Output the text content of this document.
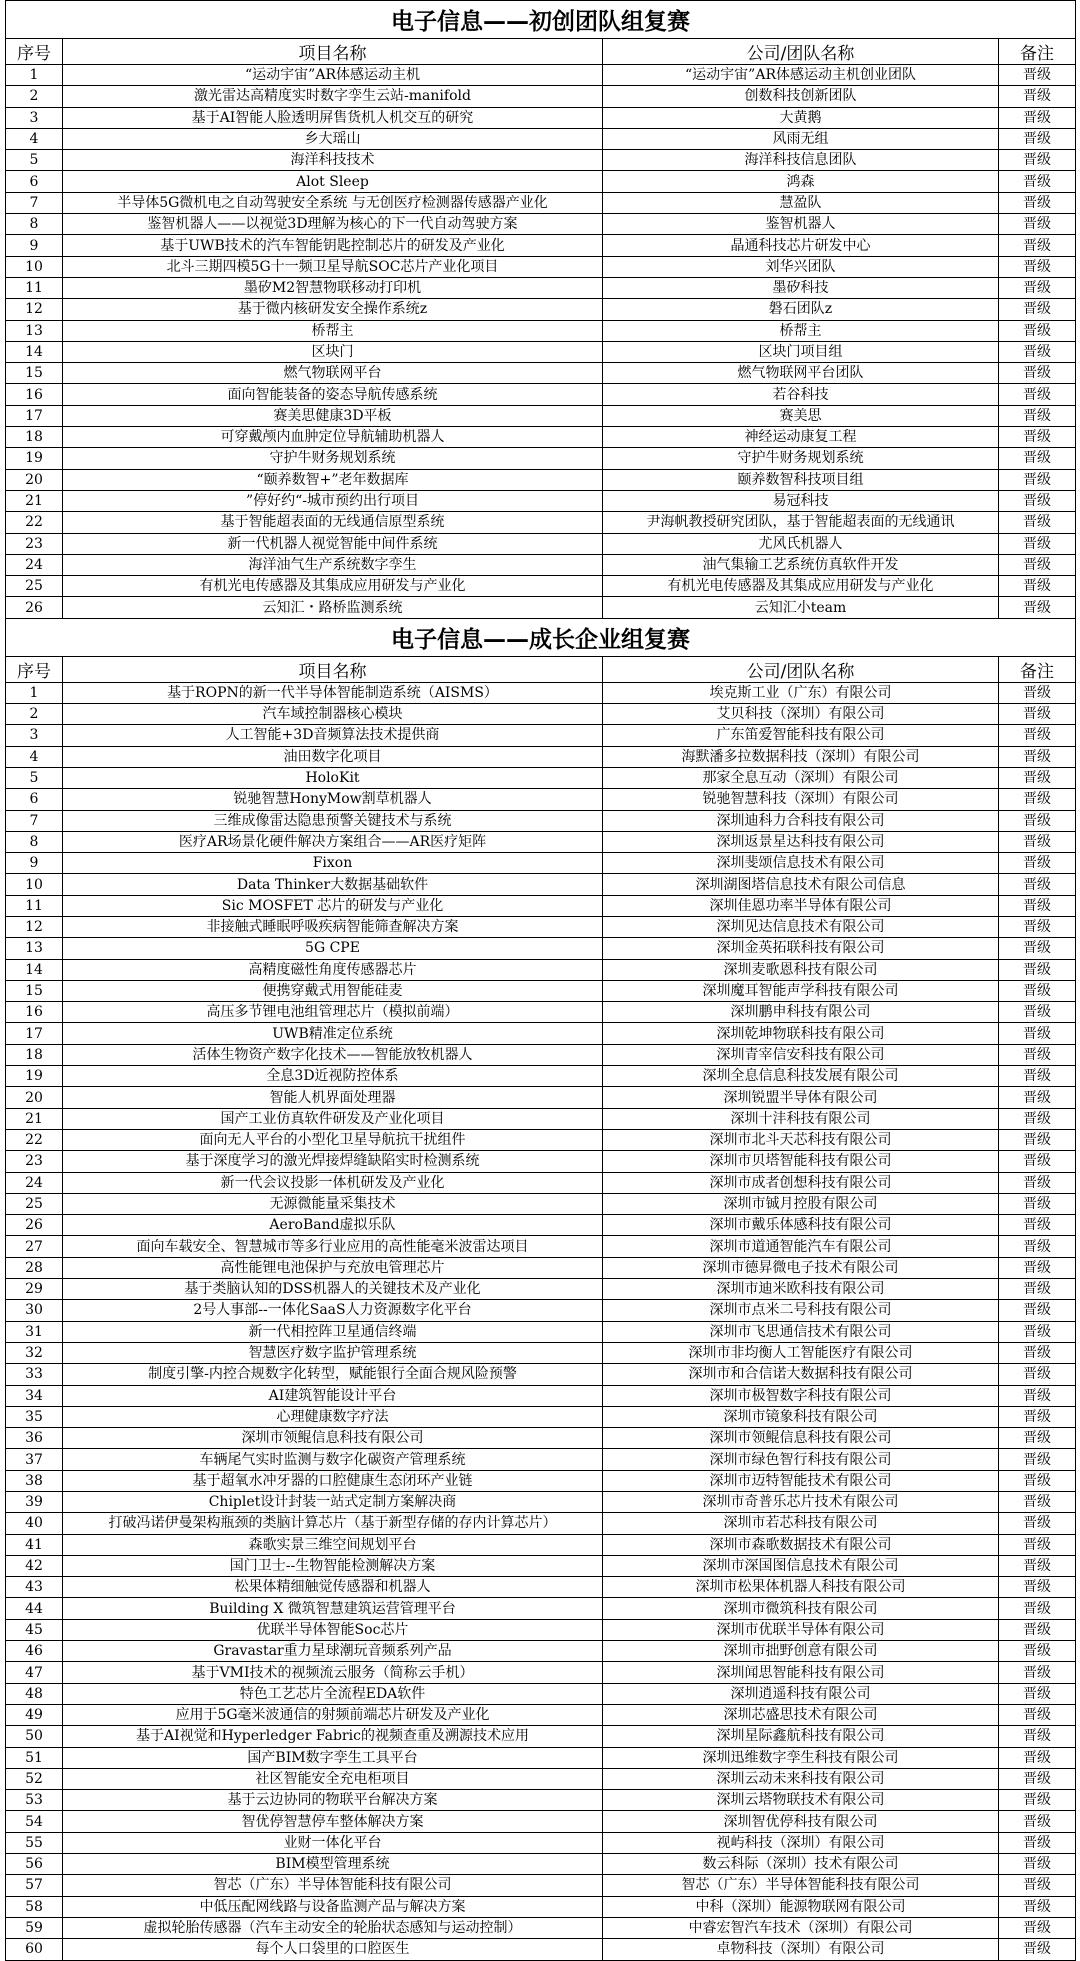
电子信息——初创团队组复赛			
序号	项目名称	公司/团队名称	备注
1	“运动宇宙”AR体感运动主机	“运动宇宙”AR体感运动主机创业团队	晋级
2	激光雷达高精度实时数字孪生云站-manifold	创数科技创新团队	晋级
3	基于AI智能人脸透明屏售货机人机交互的研究	大黄鹅	晋级
4	乡大瑶山	风雨无组	晋级
5	海洋科技技术	海洋科技信息团队	晋级
6	Alot Sleep	鸿森	晋级
7	半导体5G微机电之自动驾驶安全系统 与无创医疗检测器传感器产业化	慧盈队	晋级
8	鉴智机器人——以视觉3D理解为核心的下一代自动驾驶方案	鉴智机器人	晋级
9	基于UWB技术的汽车智能钥匙控制芯片的研发及产业化	晶通科技芯片研发中心	晋级
10	北斗三期四模5G十一频卫星导航SOC芯片产业化项目	刘华兴团队	晋级
11	墨矽M2智慧物联移动打印机	墨矽科技	晋级
12	基于微内核研发安全操作系统z	磐石团队z	晋级
13	桥帮主	桥帮主	晋级
14	区块门	区块门项目组	晋级
15	燃气物联网平台	燃气物联网平台团队	晋级
16	面向智能装备的姿态导航传感系统	若谷科技	晋级
17	赛美思健康3D平板	赛美思	晋级
18	可穿戴颅内血肿定位导航辅助机器人	神经运动康复工程	晋级
19	守护牛财务规划系统	守护牛财务规划系统	晋级
20	“颐养数智+”老年数据库	颐养数智科技项目组	晋级
21	”停好约“-城市预约出行项目	易冠科技	晋级
22	基于智能超表面的无线通信原型系统	尹海帆教授研究团队，基于智能超表面的无线通讯	晋级
23	新一代机器人视觉智能中间件系统	尤风氏机器人	晋级
24	海洋油气生产系统数字孪生	油气集输工艺系统仿真软件开发	晋级
25	有机光电传感器及其集成应用研发与产业化	有机光电传感器及其集成应用研发与产业化	晋级
26	云知汇・路桥监测系统	云知汇小team	晋级
电子信息——成长企业组复赛			
序号	项目名称	公司/团队名称	备注
1	基于ROPN的新一代半导体智能制造系统（AISMS）	埃克斯工业（广东）有限公司	晋级
2	汽车域控制器核心模块	艾贝科技（深圳）有限公司	晋级
3	人工智能+3D音频算法技术提供商	广东笛爱智能科技有限公司	晋级
4	油田数字化项目	海默潘多拉数据科技（深圳）有限公司	晋级
5	HoloKit	那家全息互动（深圳）有限公司	晋级
6	锐驰智慧HonyMow割草机器人	锐驰智慧科技（深圳）有限公司	晋级
7	三维成像雷达隐患预警关键技术与系统	深圳迪科力合科技有限公司	晋级
8	医疗AR场景化硬件解决方案组合——AR医疗矩阵	深圳返景星达科技有限公司	晋级
9	Fixon	深圳斐颂信息技术有限公司	晋级
10	Data Thinker大数据基础软件	深圳湖图塔信息技术有限公司信息	晋级
11	Sic MOSFET 芯片的研发与产业化	深圳佳恩功率半导体有限公司	晋级
12	非接触式睡眠呼吸疾病智能筛查解决方案	深圳见达信息技术有限公司	晋级
13	5G CPE	深圳金英拓联科技有限公司	晋级
14	高精度磁性角度传感器芯片	深圳麦歌恩科技有限公司	晋级
15	便携穿戴式用智能硅麦	深圳魔耳智能声学科技有限公司	晋级
16	高压多节锂电池组管理芯片（模拟前端）	深圳鹏申科技有限公司	晋级
17	UWB精准定位系统	深圳乾坤物联科技有限公司	晋级
18	活体生物资产数字化技术——智能放牧机器人	深圳青宰信安科技有限公司	晋级
19	全息3D近视防控体系	深圳全息信息科技发展有限公司	晋级
20	智能人机界面处理器	深圳锐盟半导体有限公司	晋级
21	国产工业仿真软件研发及产业化项目	深圳十沣科技有限公司	晋级
22	面向无人平台的小型化卫星导航抗干扰组件	深圳市北斗天芯科技有限公司	晋级
23	基于深度学习的激光焊接焊缝缺陷实时检测系统	深圳市贝塔智能科技有限公司	晋级
24	新一代会议投影一体机研发及产业化	深圳市成者创想科技有限公司	晋级
25	无源微能量采集技术	深圳市铖月控股有限公司	晋级
26	AeroBand虚拟乐队	深圳市戴乐体感科技有限公司	晋级
27	面向车载安全、智慧城市等多行业应用的高性能毫米波雷达项目	深圳市道通智能汽车有限公司	晋级
28	高性能锂电池保护与充放电管理芯片	深圳市德昇微电子技术有限公司	晋级
29	基于类脑认知的DSS机器人的关键技术及产业化	深圳市迪米欧科技有限公司	晋级
30	2号人事部--一体化SaaS人力资源数字化平台	深圳市点米二号科技有限公司	晋级
31	新一代相控阵卫星通信终端	深圳市飞思通信技术有限公司	晋级
32	智慧医疗数字监护管理系统	深圳市非均衡人工智能医疗有限公司	晋级
33	制度引擎-内控合规数字化转型，赋能银行全面合规风险预警	深圳市和合信诺大数据科技有限公司	晋级
34	AI建筑智能设计平台	深圳市极智数字科技有限公司	晋级
35	心理健康数字疗法	深圳市镜象科技有限公司	晋级
36	深圳市领鲲信息科技有限公司	深圳市领鲲信息科技有限公司	晋级
37	车辆尾气实时监测与数字化碳资产管理系统	深圳市绿色智行科技有限公司	晋级
38	基于超氧水冲牙器的口腔健康生态闭环产业链	深圳市迈特智能技术有限公司	晋级
39	Chiplet设计封装一站式定制方案解决商	深圳市奇普乐芯片技术有限公司	晋级
40	打破冯诺伊曼架构瓶颈的类脑计算芯片（基于新型存储的存内计算芯片）	深圳市若芯科技有限公司	晋级
41	森歌实景三维空间规划平台	深圳市森歌数据技术有限公司	晋级
42	国门卫士--生物智能检测解决方案	深圳市深国图信息技术有限公司	晋级
43	松果体精细触觉传感器和机器人	深圳市松果体机器人科技有限公司	晋级
44	Building X 微筑智慧建筑运营管理平台	深圳市微筑科技有限公司	晋级
45	优联半导体智能Soc芯片	深圳市优联半导体有限公司	晋级
46	Gravastar重力星球潮玩音频系列产品	深圳市拙野创意有限公司	晋级
47	基于VMI技术的视频流云服务（简称云手机）	深圳闻思智能科技有限公司	晋级
48	特色工艺芯片全流程EDA软件	深圳逍遥科技有限公司	晋级
49	应用于5G毫米波通信的射频前端芯片研发及产业化	深圳芯盛思技术有限公司	晋级
50	基于AI视觉和Hyperledger Fabric的视频查重及溯源技术应用	深圳星际鑫航科技有限公司	晋级
51	国产BIM数字孪生工具平台	深圳迅维数字孪生科技有限公司	晋级
52	社区智能安全充电柜项目	深圳云动未来科技有限公司	晋级
53	基于云边协同的物联平台解决方案	深圳云塔物联技术有限公司	晋级
54	智优停智慧停车整体解决方案	深圳智优停科技有限公司	晋级
55	业财一体化平台	视屿科技（深圳）有限公司	晋级
56	BIM模型管理系统	数云科际（深圳）技术有限公司	晋级
57	智芯（广东）半导体智能科技有限公司	智芯（广东）半导体智能科技有限公司	晋级
58	中低压配网线路与设备监测产品与解决方案	中科（深圳）能源物联网有限公司	晋级
59	虚拟轮胎传感器（汽车主动安全的轮胎状态感知与运动控制）	中睿宏智汽车技术（深圳）有限公司	晋级
60	每个人口袋里的口腔医生	卓物科技（深圳）有限公司	晋级
